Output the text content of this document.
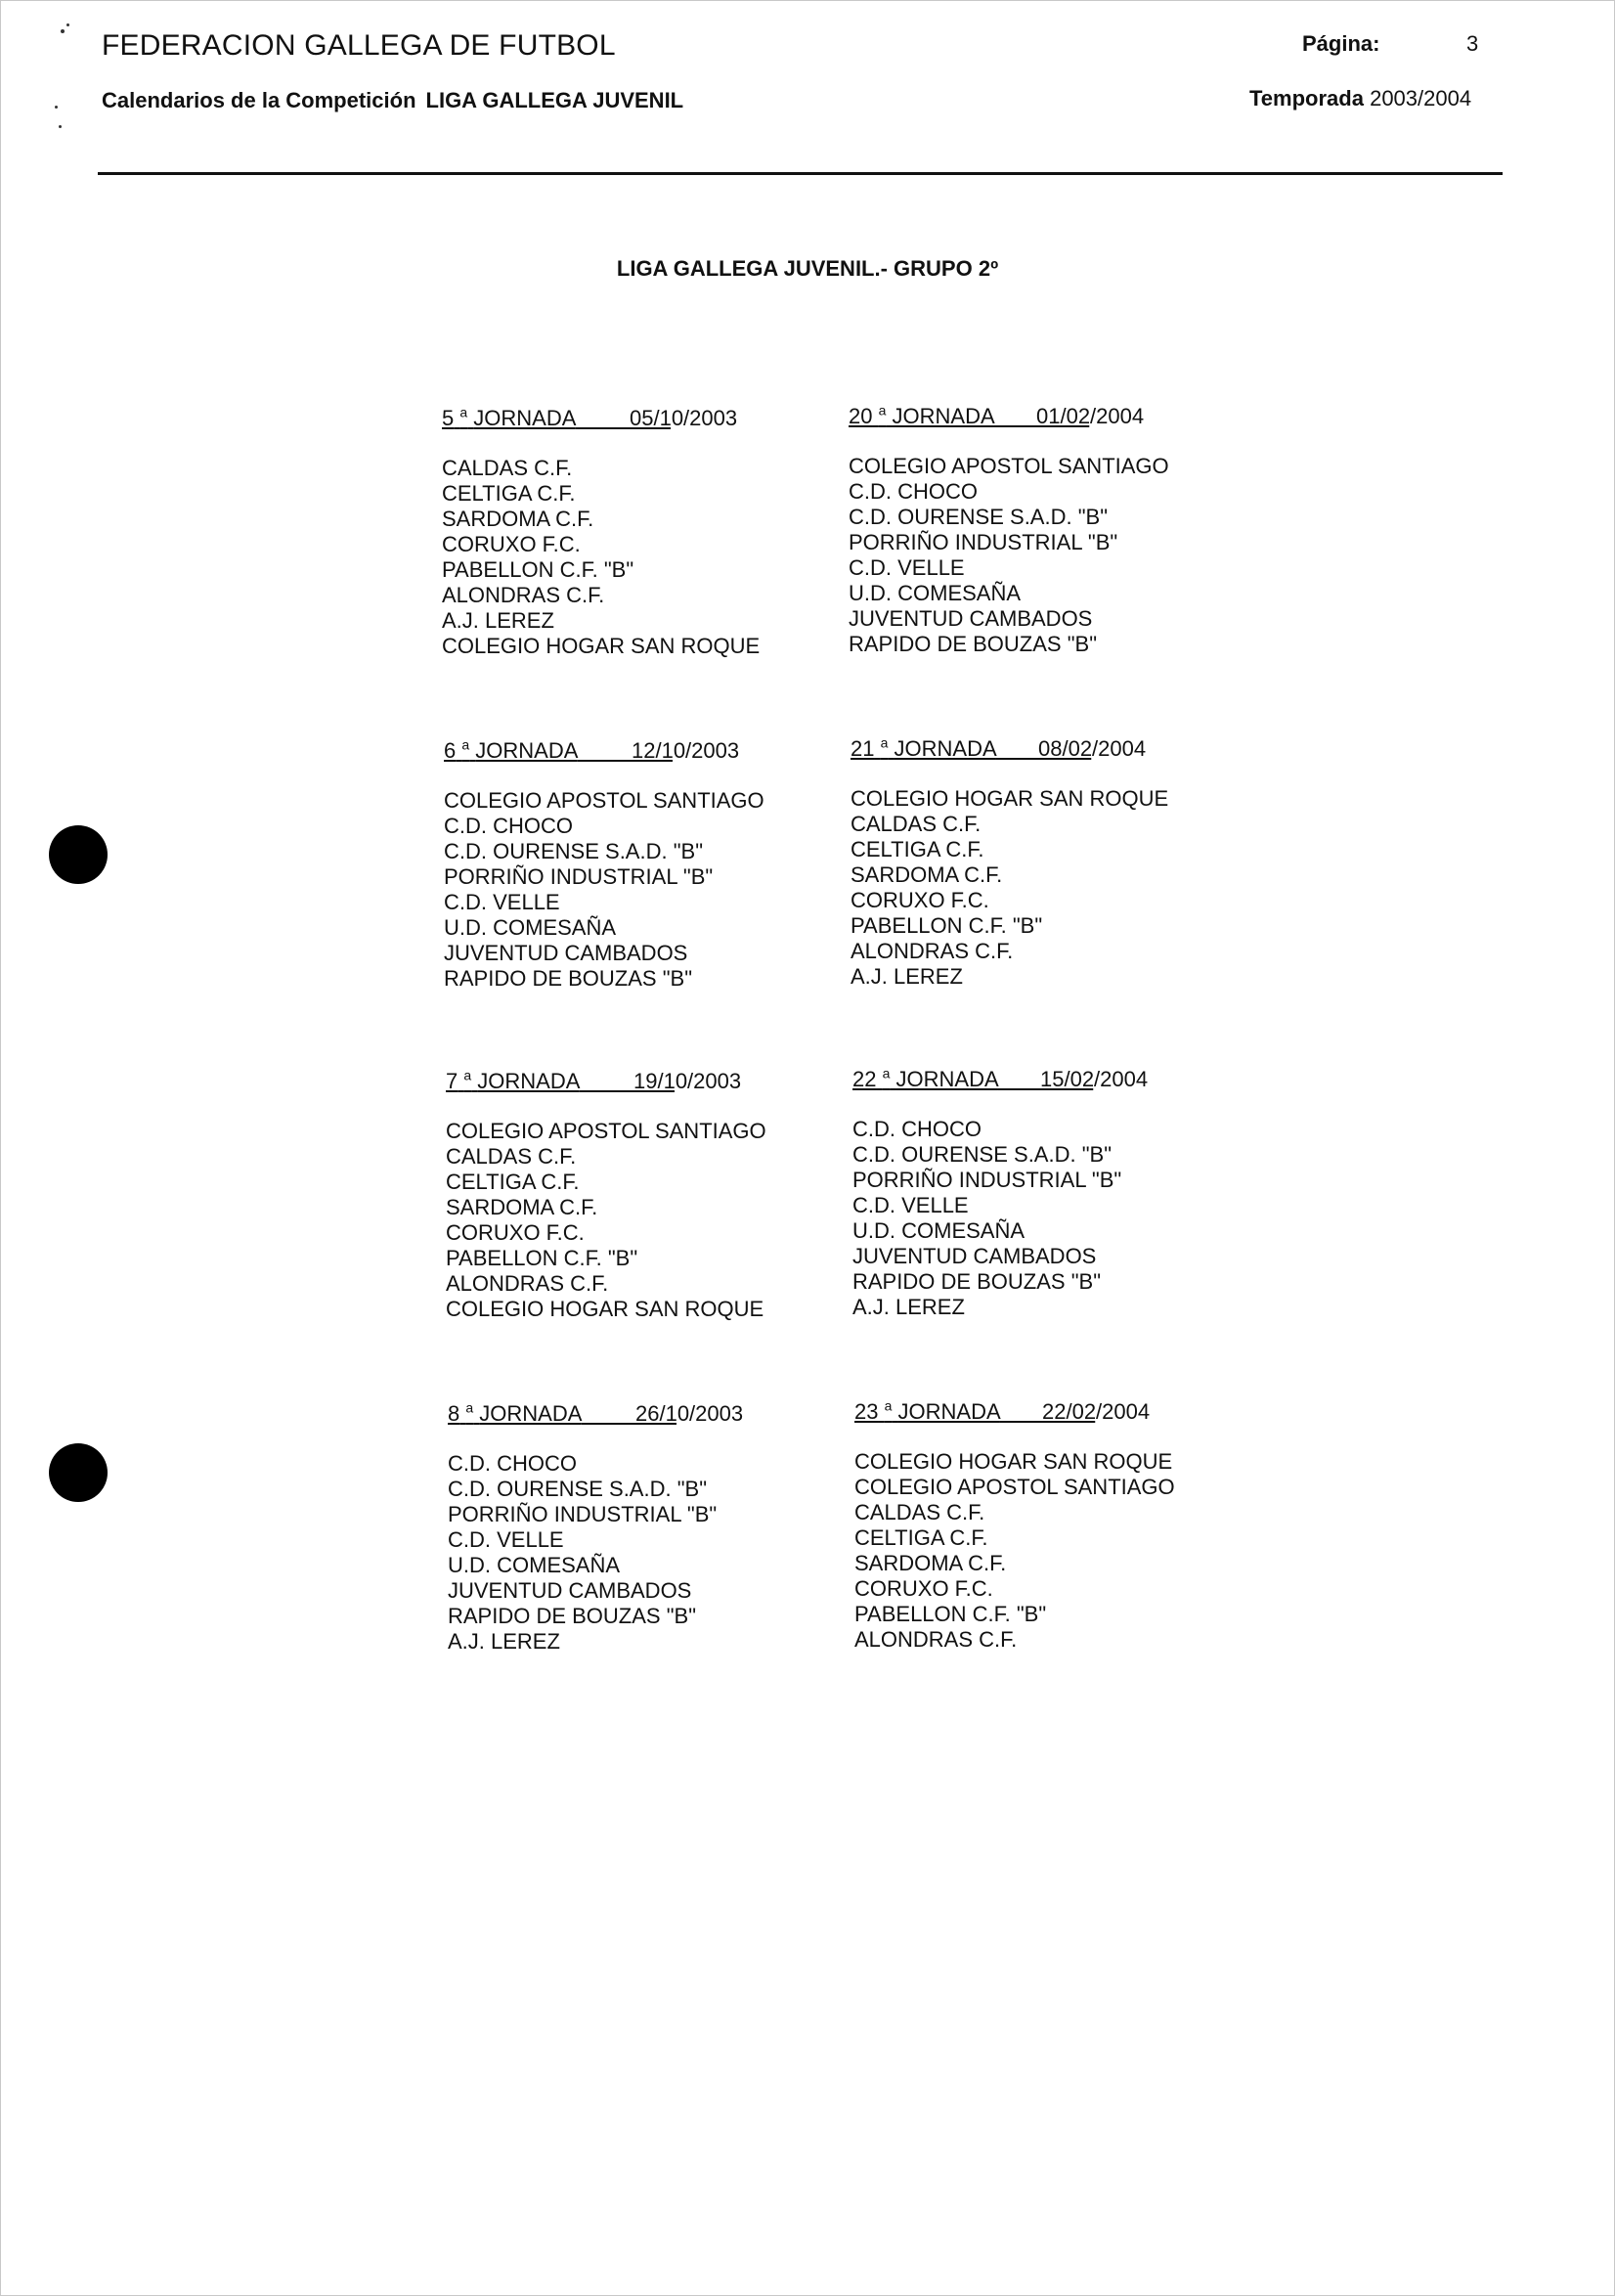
FEDERACION GALLEGA DE FUTBOL
Calendarios de la Competición LIGA GALLEGA JUVENIL
Página:	3
Temporada 2003/2004
LIGA GALLEGA JUVENIL.- GRUPO 2º
5 $^a$ JORNADA	05/10/2003
CALDAS C.F.
CELTIGA C.F.
SARDOMA C.F.
CORUXO F.C.
PABELLON C.F. "B"
ALONDRAS C.F.
A.J. LEREZ
COLEGIO HOGAR SAN ROQUE
20 $^a$ JORNADA 01/02/2004
COLEGIO APOSTOL SANTIAGO
C.D. CHOCO
C.D. OURENSE S.A.D. "B"
PORRIÑO INDUSTRIAL "B"
C.D. VELLE
U.D. COMESAÑA
JUVENTUD CAMBADOS
RAPIDO DE BOUZAS "B"
6 $^a$ JORNADA	12/10/2003
COLEGIO APOSTOL SANTIAGO
C.D. CHOCO
C.D. OURENSE S.A.D. "B"
PORRIÑO INDUSTRIAL "B"
C.D. VELLE
U.D. COMESAÑA
JUVENTUD CAMBADOS
RAPIDO DE BOUZAS "B"
21 $^a$ JORNADA 08/02/2004
COLEGIO HOGAR SAN ROQUE
CALDAS C.F.
CELTIGA C.F.
SARDOMA C.F.
CORUXO F.C.
PABELLON C.F. "B"
ALONDRAS C.F.
A.J. LEREZ
7 $^a$ JORNADA	19/10/2003
COLEGIO APOSTOL SANTIAGO
CALDAS C.F.
CELTIGA C.F.
SARDOMA C.F.
CORUXO F.C.
PABELLON C.F. "B"
ALONDRAS C.F.
COLEGIO HOGAR SAN ROQUE
22 $^a$ JORNADA 15/02/2004
C.D. CHOCO
C.D. OURENSE S.A.D. "B"
PORRIÑO INDUSTRIAL "B"
C.D. VELLE
U.D. COMESAÑA
JUVENTUD CAMBADOS
RAPIDO DE BOUZAS "B"
A.J. LEREZ
8 $^a$ JORNADA	26/10/2003
C.D. CHOCO
C.D. OURENSE S.A.D. "B"
PORRIÑO INDUSTRIAL "B"
C.D. VELLE
U.D. COMESAÑA
JUVENTUD CAMBADOS
RAPIDO DE BOUZAS "B"
A.J. LEREZ
23 $^a$ JORNADA 22/02/2004
COLEGIO HOGAR SAN ROQUE
COLEGIO APOSTOL SANTIAGO
CALDAS C.F.
CELTIGA C.F.
SARDOMA C.F.
CORUXO F.C.
PABELLON C.F. "B"
ALONDRAS C.F.
